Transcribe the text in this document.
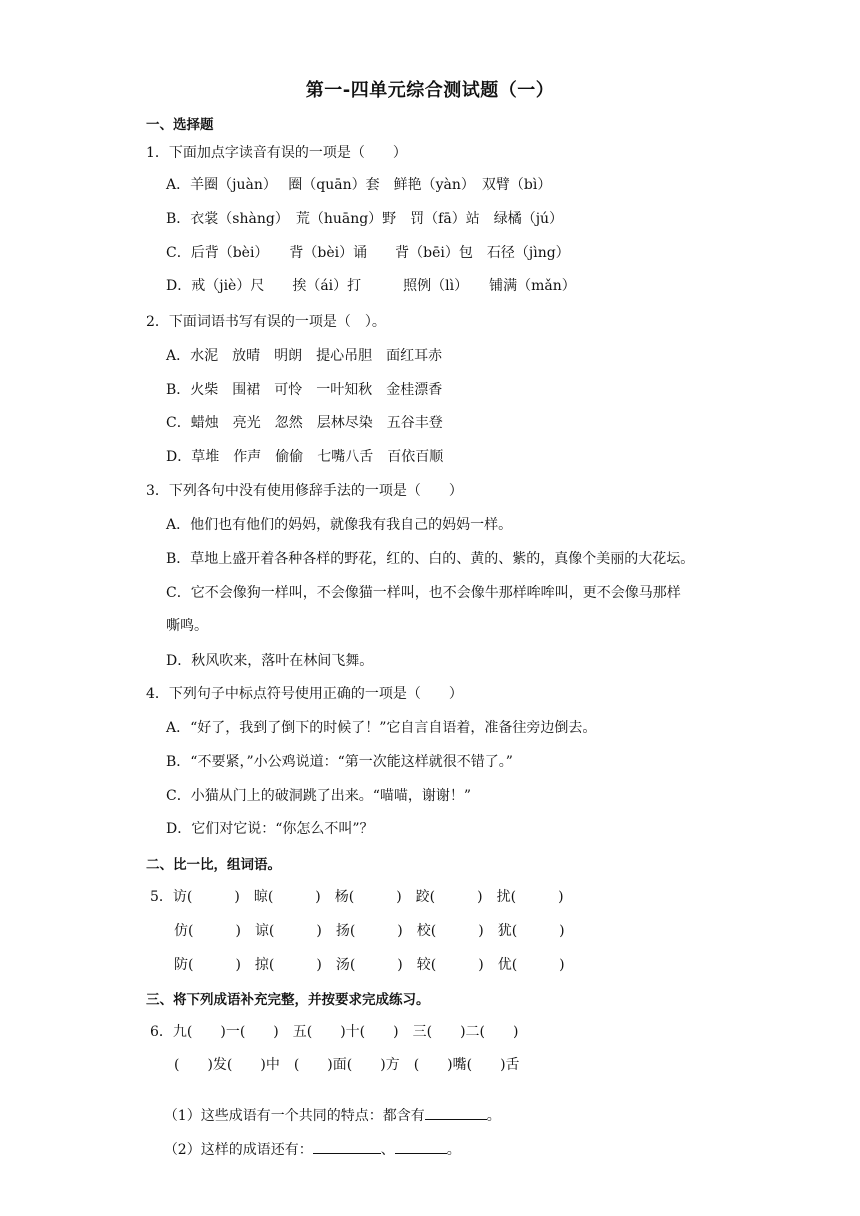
第一-四单元综合测试题（一）
一、选择题
1．下面加点字读音有误的一项是（　　）
A．羊圈（juàn）　 圈（quān）套　鲜艳（yàn）　双臂（bì）
B．衣裳（shàng）　荒（huāng）野　罚（fā）站　绿橘（jú）
C．后背（bèi）　　背（bèi）诵　　背（bēi）包　石径（jìng）
D．戒（jiè）尺　　挨（ái）打　　　照例（lì）　　铺满（mǎn）
2．下面词语书写有误的一项是（　）。
A．水泥　放晴　明朗　提心吊胆　面红耳赤
B．火柴　围裙　可怜　一叶知秋　金桂漂香
C．蜡烛　亮光　忽然　层林尽染　五谷丰登
D．草堆　作声　偷偷　七嘴八舌　百依百顺
3．下列各句中没有使用修辞手法的一项是（　　）
A．他们也有他们的妈妈，就像我有我自己的妈妈一样。
B．草地上盛开着各种各样的野花，红的、白的、黄的、紫的，真像个美丽的大花坛。
C．它不会像狗一样叫，不会像猫一样叫，也不会像牛那样哞哞叫，更不会像马那样
嘶鸣。
D．秋风吹来，落叶在林间飞舞。
4．下列句子中标点符号使用正确的一项是（　　）
A．“好了，我到了倒下的时候了！”它自言自语着，准备往旁边倒去。
B．“不要紧，”小公鸡说道：“第一次能这样就很不错了。”
C．小猫从门上的破洞跳了出来。“喵喵，谢谢！”
D．它们对它说：“你怎么不叫”？
二、比一比，组词语。
5．访(　　　)　晾(　　　)　杨(　　　)　跤(　　　)　扰(　　　)
仿(　　　)　谅(　　　)　扬(　　　)　校(　　　)　犹(　　　)
防(　　　)　掠(　　　)　汤(　　　)　较(　　　)　优(　　　)
三、将下列成语补充完整，并按要求完成练习。
6．九(　　)一(　　)　五(　　)十(　　)　三(　　)二(　　)
(　　)发(　　)中　(　　)面(　　)方　(　　)嘴(　　)舌

（1）这些成语有一个共同的特点：都含有	。

（2）这样的成语还有：	、	。
